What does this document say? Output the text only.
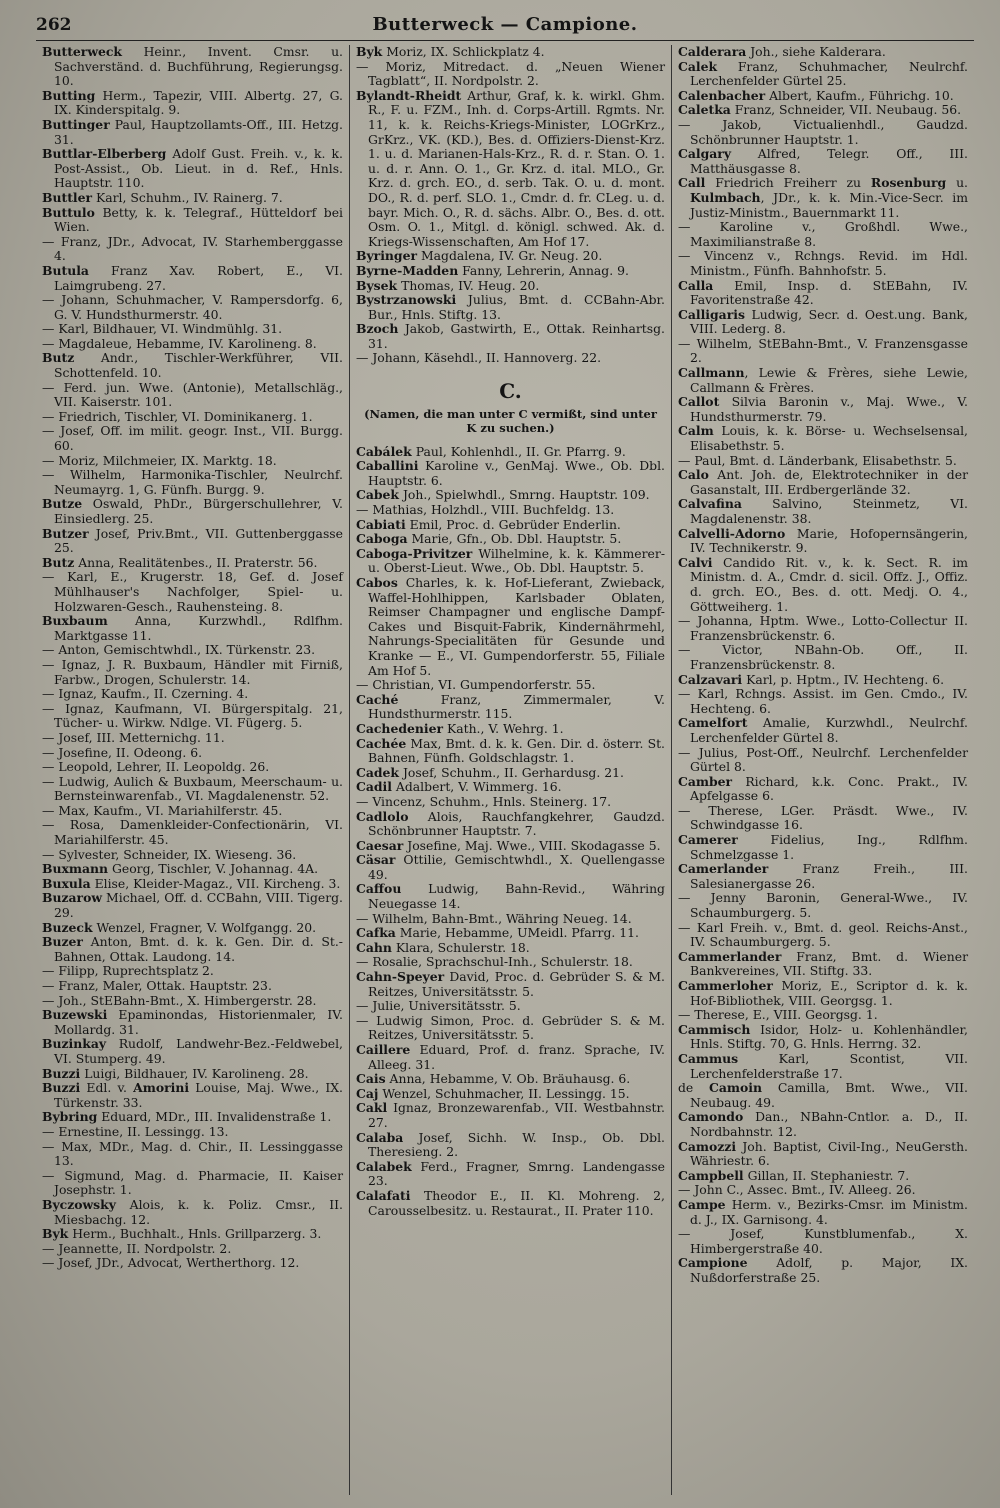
262	Butterweck — Campione.

Butterweck Heinr., Invent. Cmsr. u. Sachverständ. d. Buchführung, Regierungsg. 10.

Butting Herm., Tapezir, VIII. Albertg. 27, G. IX. Kinderspitalg. 9.

Buttinger Paul, Hauptzollamts-Off., III. Hetzg. 31.

Buttlar-Elberberg Adolf Gust. Freih. v., k. k. Post-Assist., Ob. Lieut. in d. Ref., Hnls. Hauptstr. 110.

Buttler Karl, Schuhm., IV. Rainerg. 7.

Buttulo Betty, k. k. Telegraf., Hütteldorf bei Wien.

— Franz, JDr., Advocat, IV. Starhemberggasse 4.

Butula Franz Xav. Robert, E., VI. Laimgrubeng. 27.

— Johann, Schuhmacher, V. Rampersdorfg. 6, G. V. Hundsthurmerstr. 40.

— Karl, Bildhauer, VI. Windmühlg. 31.

— Magdaleue, Hebamme, IV. Karolineng. 8.

Butz Andr., Tischler-Werkführer, VII. Schottenfeld. 10.

— Ferd. jun. Wwe. (Antonie), Metallschläg., VII. Kaiserstr. 101.

— Friedrich, Tischler, VI. Dominikanerg. 1.

— Josef, Off. im milit. geogr. Inst., VII. Burgg. 60.

— Moriz, Milchmeier, IX. Marktg. 18.

— Wilhelm, Harmonika-Tischler, Neulrchf. Neumayrg. 1, G. Fünfh. Burgg. 9.

Butze Oswald, PhDr., Bürgerschullehrer, V. Einsiedlerg. 25.

Butzer Josef, Priv.Bmt., VII. Guttenberggasse 25.

Butz Anna, Realitätenbes., II. Praterstr. 56.

— Karl, E., Krugerstr. 18, Gef. d. Josef Mühlhauser's Nachfolger, Spiel- u. Holzwaren-Gesch., Rauhensteing. 8.

Buxbaum Anna, Kurzwhdl., Rdlfhm. Marktgasse 11.

— Anton, Gemischtwhdl., IX. Türkenstr. 23.

— Ignaz, J. R. Buxbaum, Händler mit Firniß, Farbw., Drogen, Schulerstr. 14.

— Ignaz, Kaufm., II. Czerning. 4.

— Ignaz, Kaufmann, VI. Bürgerspitalg. 21, Tücher- u. Wirkw. Ndlge. VI. Fügerg. 5.

— Josef, III. Metternichg. 11.

— Josefine, II. Odeong. 6.

— Leopold, Lehrer, II. Leopoldg. 26.

— Ludwig, Aulich & Buxbaum, Meerschaum- u. Bernsteinwarenfab., VI. Magdalenenstr. 52.

— Max, Kaufm., VI. Mariahilferstr. 45.

— Rosa, Damenkleider-Confectionärin, VI. Mariahilferstr. 45.

— Sylvester, Schneider, IX. Wieseng. 36.

Buxmann Georg, Tischler, V. Johannag. 4A.

Buxula Elise, Kleider-Magaz., VII. Kircheng. 3.

Buzarow Michael, Off. d. CCBahn, VIII. Tigerg. 29.

Buzeck Wenzel, Fragner, V. Wolfgangg. 20.

Buzer Anton, Bmt. d. k. k. Gen. Dir. d. St.-Bahnen, Ottak. Laudong. 14.

— Filipp, Ruprechtsplatz 2.

— Franz, Maler, Ottak. Hauptstr. 23.

— Joh., StEBahn-Bmt., X. Himbergerstr. 28.

Buzewski Epaminondas, Historienmaler, IV. Mollardg. 31.

Buzinkay Rudolf, Landwehr-Bez.-Feldwebel, VI. Stumperg. 49.

Buzzi Luigi, Bildhauer, IV. Karolineng. 28.

Buzzi Edl. v. Amorini Louise, Maj. Wwe., IX. Türkenstr. 33.

Bybring Eduard, MDr., III. Invalidenstraße 1.

— Ernestine, II. Lessingg. 13.

— Max, MDr., Mag. d. Chir., II. Lessinggasse 13.

— Sigmund, Mag. d. Pharmacie, II. Kaiser Josephstr. 1.

Byczowsky Alois, k. k. Poliz. Cmsr., II. Miesbachg. 12.

Byk Herm., Buchhalt., Hnls. Grillparzerg. 3.

— Jeannette, II. Nordpolstr. 2.

— Josef, JDr., Advocat, Wertherthorg. 12.

Byk Moriz, IX. Schlickplatz 4.

— Moriz, Mitredact. d. „Neuen Wiener Tagblatt“, II. Nordpolstr. 2.

Bylandt-Rheidt Arthur, Graf, k. k. wirkl. Ghm. R., F. u. FZM., Inh. d. Corps-Artill. Rgmts. Nr. 11, k. k. Reichs-Kriegs-Minister, LOGrKrz., GrKrz., VK. (KD.), Bes. d. Offiziers-Dienst-Krz. 1. u. d. Marianen-Hals-Krz., R. d. r. Stan. O. 1. u. d. r. Ann. O. 1., Gr. Krz. d. ital. MLO., Gr. Krz. d. grch. EO., d. serb. Tak. O. u. d. mont. DO., R. d. perf. SLO. 1., Cmdr. d. fr. CLeg. u. d. bayr. Mich. O., R. d. sächs. Albr. O., Bes. d. ott. Osm. O. 1., Mitgl. d. königl. schwed. Ak. d. Kriegs-Wissenschaften, Am Hof 17.

Byringer Magdalena, IV. Gr. Neug. 20.

Byrne-Madden Fanny, Lehrerin, Annag. 9.

Bysek Thomas, IV. Heug. 20.

Bystrzanowski Julius, Bmt. d. CCBahn-Abr. Bur., Hnls. Stiftg. 13.

Bzoch Jakob, Gastwirth, E., Ottak. Reinhartsg. 31.

— Johann, Käsehdl., II. Hannoverg. 22.

C.
(Namen, die man unter C vermißt, sind unter K zu suchen.)

Cabálek Paul, Kohlenhdl., II. Gr. Pfarrg. 9.

Caballini Karoline v., GenMaj. Wwe., Ob. Dbl. Hauptstr. 6.

Cabek Joh., Spielwhdl., Smrng. Hauptstr. 109.

— Mathias, Holzhdl., VIII. Buchfeldg. 13.

Cabiati Emil, Proc. d. Gebrüder Enderlin.

Caboga Marie, Gfn., Ob. Dbl. Hauptstr. 5.

Caboga-Privitzer Wilhelmine, k. k. Kämmerer- u. Oberst-Lieut. Wwe., Ob. Dbl. Hauptstr. 5.

Cabos Charles, k. k. Hof-Lieferant, Zwieback, Waffel-Hohlhippen, Karlsbader Oblaten, Reimser Champagner und englische Dampf-Cakes und Bisquit-Fabrik, Kindernährmehl, Nahrungs-Specialitäten für Gesunde und Kranke — E., VI. Gumpendorferstr. 55, Filiale Am Hof 5.

— Christian, VI. Gumpendorferstr. 55.

Caché Franz, Zimmermaler, V. Hundsthurmerstr. 115.

Cachedenier Kath., V. Wehrg. 1.

Cachée Max, Bmt. d. k. k. Gen. Dir. d. österr. St. Bahnen, Fünfh. Goldschlagstr. 1.

Cadek Josef, Schuhm., II. Gerhardusg. 21.

Cadil Adalbert, V. Wimmerg. 16.

— Vincenz, Schuhm., Hnls. Steinerg. 17.

Cadlolo Alois, Rauchfangkehrer, Gaudzd. Schönbrunner Hauptstr. 7.

Caesar Josefine, Maj. Wwe., VIII. Skodagasse 5.

Cäsar Ottilie, Gemischtwhdl., X. Quellengasse 49.

Caffou Ludwig, Bahn-Revid., Währing Neuegasse 14.

— Wilhelm, Bahn-Bmt., Währing Neueg. 14.

Cafka Marie, Hebamme, UMeidl. Pfarrg. 11.

Cahn Klara, Schulerstr. 18.

— Rosalie, Sprachschul-Inh., Schulerstr. 18.

Cahn-Speyer David, Proc. d. Gebrüder S. & M. Reitzes, Universitätsstr. 5.

— Julie, Universitätsstr. 5.

— Ludwig Simon, Proc. d. Gebrüder S. & M. Reitzes, Universitätsstr. 5.

Caillere Eduard, Prof. d. franz. Sprache, IV. Alleeg. 31.

Cais Anna, Hebamme, V. Ob. Bräuhausg. 6.

Caj Wenzel, Schuhmacher, II. Lessingg. 15.

Cakl Ignaz, Bronzewarenfab., VII. Westbahnstr. 27.

Calaba Josef, Sichh. W. Insp., Ob. Dbl. Theresieng. 2.

Calabek Ferd., Fragner, Smrng. Landengasse 23.

Calafati Theodor E., II. Kl. Mohreng. 2, Carousselbesitz. u. Restaurat., II. Prater 110.

Calderara Joh., siehe Kalderara.

Calek Franz, Schuhmacher, Neulrchf. Lerchenfelder Gürtel 25.

Calenbacher Albert, Kaufm., Führichg. 10.

Caletka Franz, Schneider, VII. Neubaug. 56.

— Jakob, Victualienhdl., Gaudzd. Schönbrunner Hauptstr. 1.

Calgary Alfred, Telegr. Off., III. Matthäusgasse 8.

Call Friedrich Freiherr zu Rosenburg u. Kulmbach, JDr., k. k. Min.-Vice-Secr. im Justiz-Ministm., Bauernmarkt 11.

— Karoline v., Großhdl. Wwe., Maximilianstraße 8.

— Vincenz v., Rchngs. Revid. im Hdl. Ministm., Fünfh. Bahnhofstr. 5.

Calla Emil, Insp. d. StEBahn, IV. Favoritenstraße 42.

Calligaris Ludwig, Secr. d. Oest.ung. Bank, VIII. Lederg. 8.

— Wilhelm, StEBahn-Bmt., V. Franzensgasse 2.

Callmann, Lewie & Frères, siehe Lewie, Callmann & Frères.

Callot Silvia Baronin v., Maj. Wwe., V. Hundsthurmerstr. 79.

Calm Louis, k. k. Börse- u. Wechselsensal, Elisabethstr. 5.

— Paul, Bmt. d. Länderbank, Elisabethstr. 5.

Calo Ant. Joh. de, Elektrotechniker in der Gasanstalt, III. Erdbergerlände 32.

Calvafina Salvino, Steinmetz, VI. Magdalenenstr. 38.

Calvelli-Adorno Marie, Hofopernsängerin, IV. Technikerstr. 9.

Calvi Candido Rit. v., k. k. Sect. R. im Ministm. d. A., Cmdr. d. sicil. Offz. J., Offiz. d. grch. EO., Bes. d. ott. Medj. O. 4., Göttweiherg. 1.

— Johanna, Hptm. Wwe., Lotto-Collectur II. Franzensbrückenstr. 6.

— Victor, NBahn-Ob. Off., II. Franzensbrückenstr. 8.

Calzavari Karl, p. Hptm., IV. Hechteng. 6.

— Karl, Rchngs. Assist. im Gen. Cmdo., IV. Hechteng. 6.

Camelfort Amalie, Kurzwhdl., Neulrchf. Lerchenfelder Gürtel 8.

— Julius, Post-Off., Neulrchf. Lerchenfelder Gürtel 8.

Camber Richard, k.k. Conc. Prakt., IV. Apfelgasse 6.

— Therese, LGer. Präsdt. Wwe., IV. Schwindgasse 16.

Camerer Fidelius, Ing., Rdlfhm. Schmelzgasse 1.

Camerlander Franz Freih., III. Salesianergasse 26.

— Jenny Baronin, General-Wwe., IV. Schaumburgerg. 5.

— Karl Freih. v., Bmt. d. geol. Reichs-Anst., IV. Schaumburgerg. 5.

Cammerlander Franz, Bmt. d. Wiener Bankvereines, VII. Stiftg. 33.

Cammerloher Moriz, E., Scriptor d. k. k. Hof-Bibliothek, VIII. Georgsg. 1.

— Therese, E., VIII. Georgsg. 1.

Cammisch Isidor, Holz- u. Kohlenhändler, Hnls. Stiftg. 70, G. Hnls. Herrng. 32.

Cammus Karl, Scontist, VII. Lerchenfelderstraße 17.

de Camoin Camilla, Bmt. Wwe., VII. Neubaug. 49.

Camondo Dan., NBahn-Cntlor. a. D., II. Nordbahnstr. 12.

Camozzi Joh. Baptist, Civil-Ing., NeuGersth. Währiestr. 6.

Campbell Gillan, II. Stephaniestr. 7.

— John C., Assec. Bmt., IV. Alleeg. 26.

Campe Herm. v., Bezirks-Cmsr. im Ministm. d. J., IX. Garnisong. 4.

— Josef, Kunstblumenfab., X. Himbergerstraße 40.

Campione Adolf, p. Major, IX. Nußdorferstraße 25.
